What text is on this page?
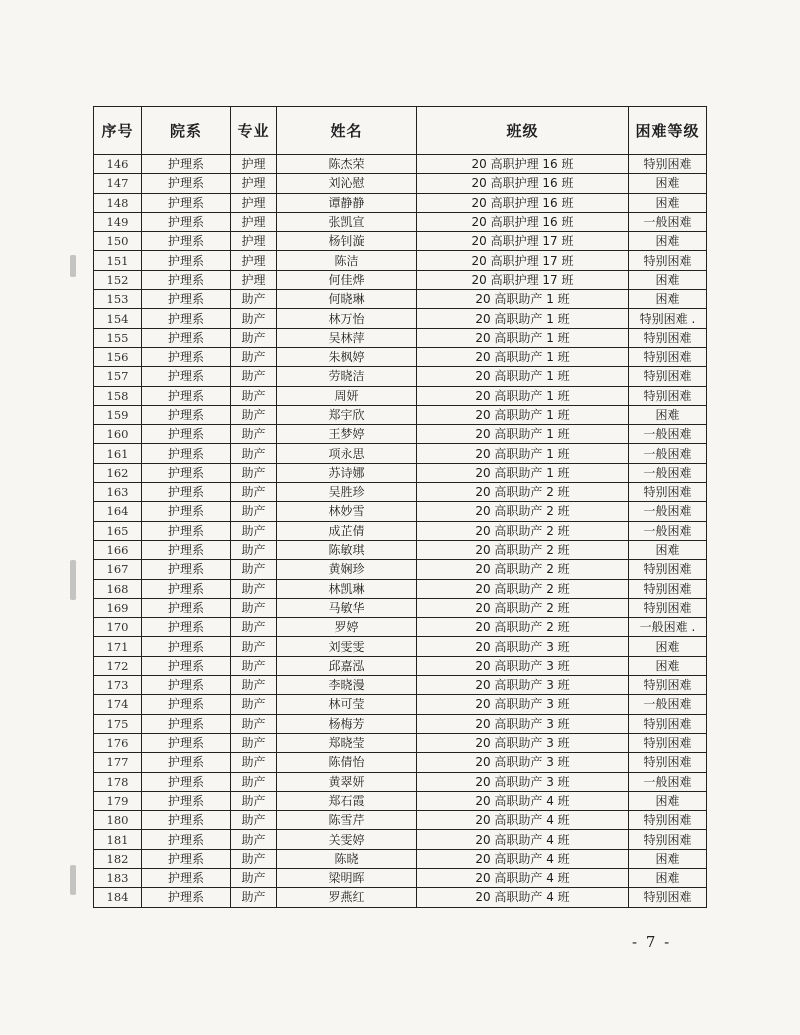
序号	院系	专业	姓名	班级	困难等级
146	护理系	护理	陈杰荣	20 高职护理 16 班	特别困难
147	护理系	护理	刘沁慰	20 高职护理 16 班	困难
148	护理系	护理	谭静静	20 高职护理 16 班	困难
149	护理系	护理	张凯宣	20 高职护理 16 班	一般困难
150	护理系	护理	杨钊漩	20 高职护理 17 班	困难
151	护理系	护理	陈洁	20 高职护理 17 班	特别困难
152	护理系	护理	何佳烨	20 高职护理 17 班	困难
153	护理系	助产	何晓琳	20 高职助产 1 班	困难
154	护理系	助产	林万怡	20 高职助产 1 班	特别困难 .
155	护理系	助产	吴林萍	20 高职助产 1 班	特别困难
156	护理系	助产	朱枫婷	20 高职助产 1 班	特别困难
157	护理系	助产	劳晓洁	20 高职助产 1 班	特别困难
158	护理系	助产	周妍	20 高职助产 1 班	特别困难
159	护理系	助产	郑宇欣	20 高职助产 1 班	困难
160	护理系	助产	王梦婷	20 高职助产 1 班	一般困难
161	护理系	助产	项永思	20 高职助产 1 班	一般困难
162	护理系	助产	苏诗娜	20 高职助产 1 班	一般困难
163	护理系	助产	吴胜珍	20 高职助产 2 班	特别困难
164	护理系	助产	林妙雪	20 高职助产 2 班	一般困难
165	护理系	助产	成芷倩	20 高职助产 2 班	一般困难
166	护理系	助产	陈敏琪	20 高职助产 2 班	困难
167	护理系	助产	黄娴珍	20 高职助产 2 班	特别困难
168	护理系	助产	林凯琳	20 高职助产 2 班	特别困难
169	护理系	助产	马敏华	20 高职助产 2 班	特别困难
170	护理系	助产	罗婷	20 高职助产 2 班	一般困难 .
171	护理系	助产	刘雯雯	20 高职助产 3 班	困难
172	护理系	助产	邱嘉泓	20 高职助产 3 班	困难
173	护理系	助产	李晓漫	20 高职助产 3 班	特别困难
174	护理系	助产	林可莹	20 高职助产 3 班	一般困难
175	护理系	助产	杨梅芳	20 高职助产 3 班	特别困难
176	护理系	助产	郑晓莹	20 高职助产 3 班	特别困难
177	护理系	助产	陈倩怡	20 高职助产 3 班	特别困难
178	护理系	助产	黄翠妍	20 高职助产 3 班	一般困难
179	护理系	助产	郑石霞	20 高职助产 4 班	困难
180	护理系	助产	陈雪芹	20 高职助产 4 班	特别困难
181	护理系	助产	关雯婷	20 高职助产 4 班	特别困难
182	护理系	助产	陈晓	20 高职助产 4 班	困难
183	护理系	助产	梁明晖	20 高职助产 4 班	困难
184	护理系	助产	罗燕红	20 高职助产 4 班	特别困难
- 7 -
